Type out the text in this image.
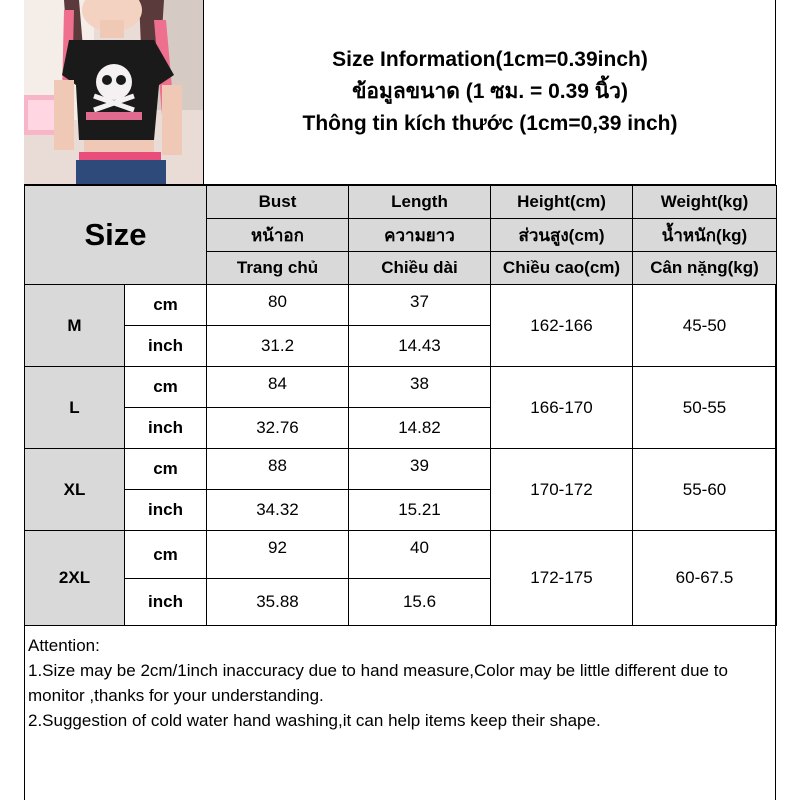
Size Information(1cm=0.39inch)
ข้อมูลขนาด (1 ซม. = 0.39 นิ้ว)
Thông tin kích thước (1cm=0,39 inch)
Size		Bust	Length	Height(cm)	Weight(kg)
		หน้าอก	ความยาว	ส่วนสูง(cm)	น้ำหนัก(kg)
		Trang chủ	Chiều dài	Chiều cao(cm)	Cân nặng(kg)
M	cm	80	37	162-166	45-50
	inch	31.2	14.43		
L	cm	84	38	166-170	50-55
	inch	32.76	14.82		
XL	cm	88	39	170-172	55-60
	inch	34.32	15.21		
2XL	cm	92	40	172-175	60-67.5
	inch	35.88	15.6		

Attention:

1.Size may be 2cm/1inch inaccuracy due to hand measure,Color may be little different due to monitor ,thanks for your understanding.

2.Suggestion of cold water hand washing,it can help items keep their shape.
